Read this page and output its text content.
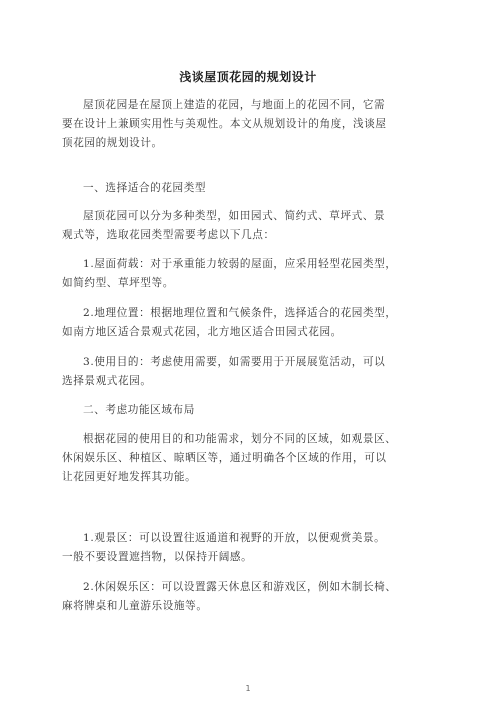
浅谈屋顶花园的规划设计
屋顶花园是在屋顶上建造的花园，与地面上的花园不同，它需
要在设计上兼顾实用性与美观性。本文从规划设计的角度，浅谈屋
顶花园的规划设计。
一、选择适合的花园类型
屋顶花园可以分为多种类型，如田园式、简约式、草坪式、景
观式等，选取花园类型需要考虑以下几点：
1.屋面荷载：对于承重能力较弱的屋面，应采用轻型花园类型，
如简约型、草坪型等。
2.地理位置：根据地理位置和气候条件，选择适合的花园类型，
如南方地区适合景观式花园，北方地区适合田园式花园。
3.使用目的：考虑使用需要，如需要用于开展展览活动，可以
选择景观式花园。
二、考虑功能区域布局
根据花园的使用目的和功能需求，划分不同的区域，如观景区、
休闲娱乐区、种植区、晾晒区等，通过明确各个区域的作用，可以
让花园更好地发挥其功能。
1.观景区：可以设置往返通道和视野的开放，以便观赏美景。
一般不要设置遮挡物，以保持开阔感。
2.休闲娱乐区：可以设置露天休息区和游戏区，例如木制长椅、
麻将牌桌和儿童游乐设施等。
1
